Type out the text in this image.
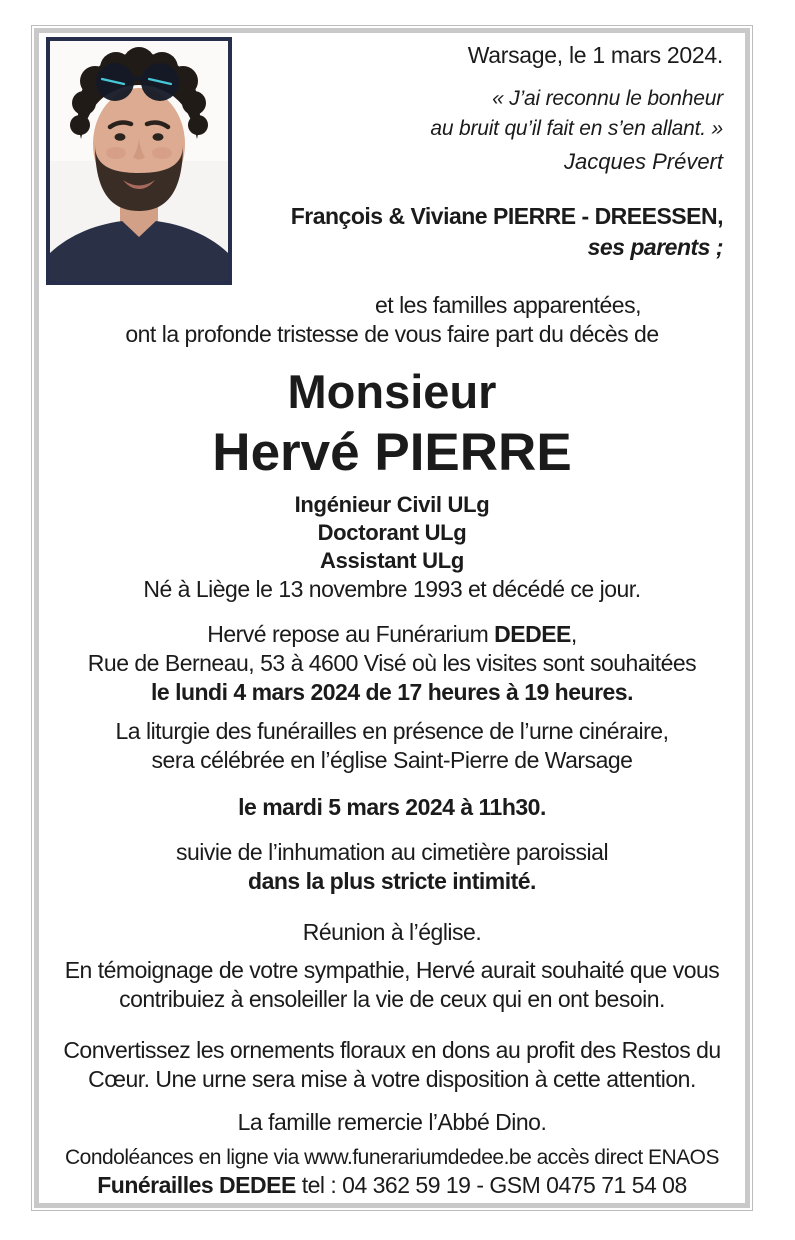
Warsage, le 1 mars 2024.
« J’ai reconnu le bonheur
au bruit qu’il fait en s’en allant. »
Jacques Prévert
François & Viviane PIERRE - DREESSEN,
ses parents ;
et les familles apparentées,
ont la profonde tristesse de vous faire part du décès de
Monsieur
Hervé PIERRE
Ingénieur Civil ULg
Doctorant ULg
Assistant ULg
Né à Liège le 13 novembre 1993 et décédé ce jour.
Hervé repose au Funérarium DEDEE,
Rue de Berneau, 53 à 4600 Visé où les visites sont souhaitées
le lundi 4 mars 2024 de 17 heures à 19 heures.
La liturgie des funérailles en présence de l’urne cinéraire,
sera célébrée en l’église Saint-Pierre de Warsage
le mardi 5 mars 2024 à 11h30.
suivie de l’inhumation au cimetière paroissial
dans la plus stricte intimité.
Réunion à l’église.
En témoignage de votre sympathie, Hervé aurait souhaité que vous
contribuiez à ensoleiller la vie de ceux qui en ont besoin.
Convertissez les ornements floraux en dons au profit des Restos du
Cœur. Une urne sera mise à votre disposition à cette attention.
La famille remercie l’Abbé Dino.
Condoléances en ligne via www.funerariumdedee.be accès direct ENAOS
Funérailles DEDEE tel : 04 362 59 19 - GSM 0475 71 54 08
